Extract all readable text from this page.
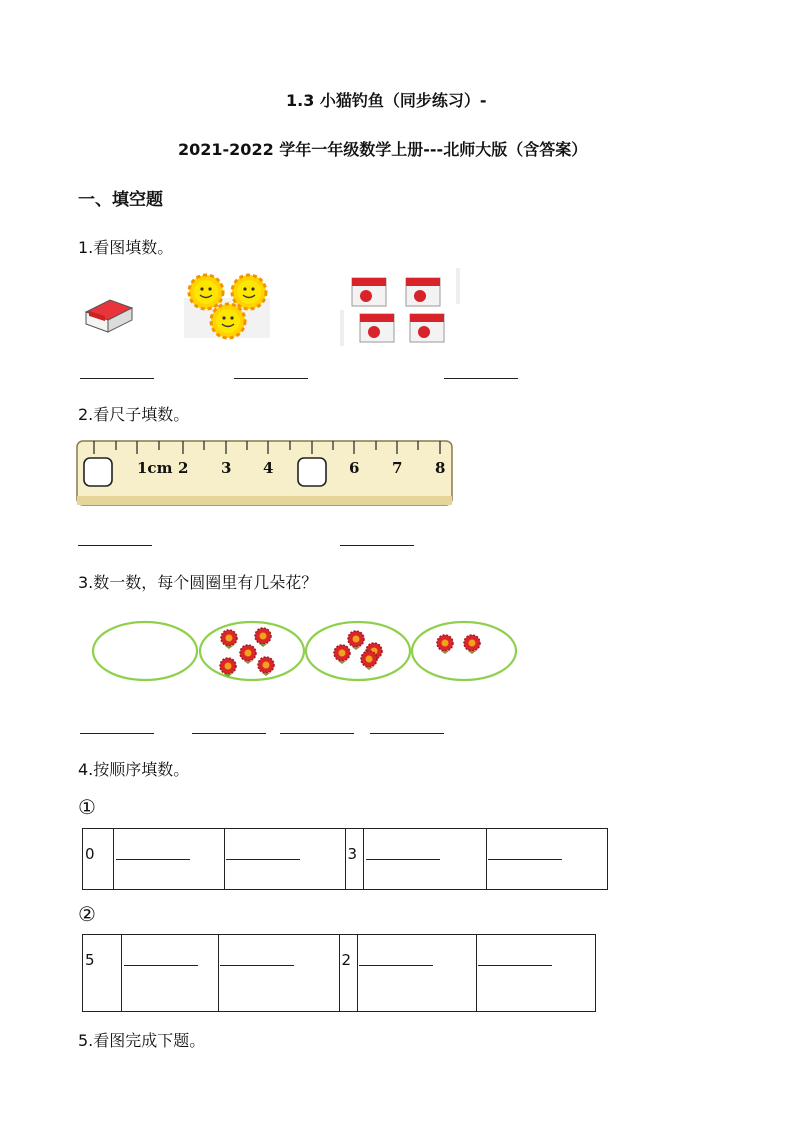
1.3 小猫钓鱼（同步练习）-
2021-2022 学年一年级数学上册---北师大版（含答案）
一、填空题
1.看图填数。
2.看尺子填数。
1cm 2 3 4	6 7 8
3.数一数，每个圆圈里有几朵花？
4.按顺序填数。
①
0			3

②
5			2

5.看图完成下题。
